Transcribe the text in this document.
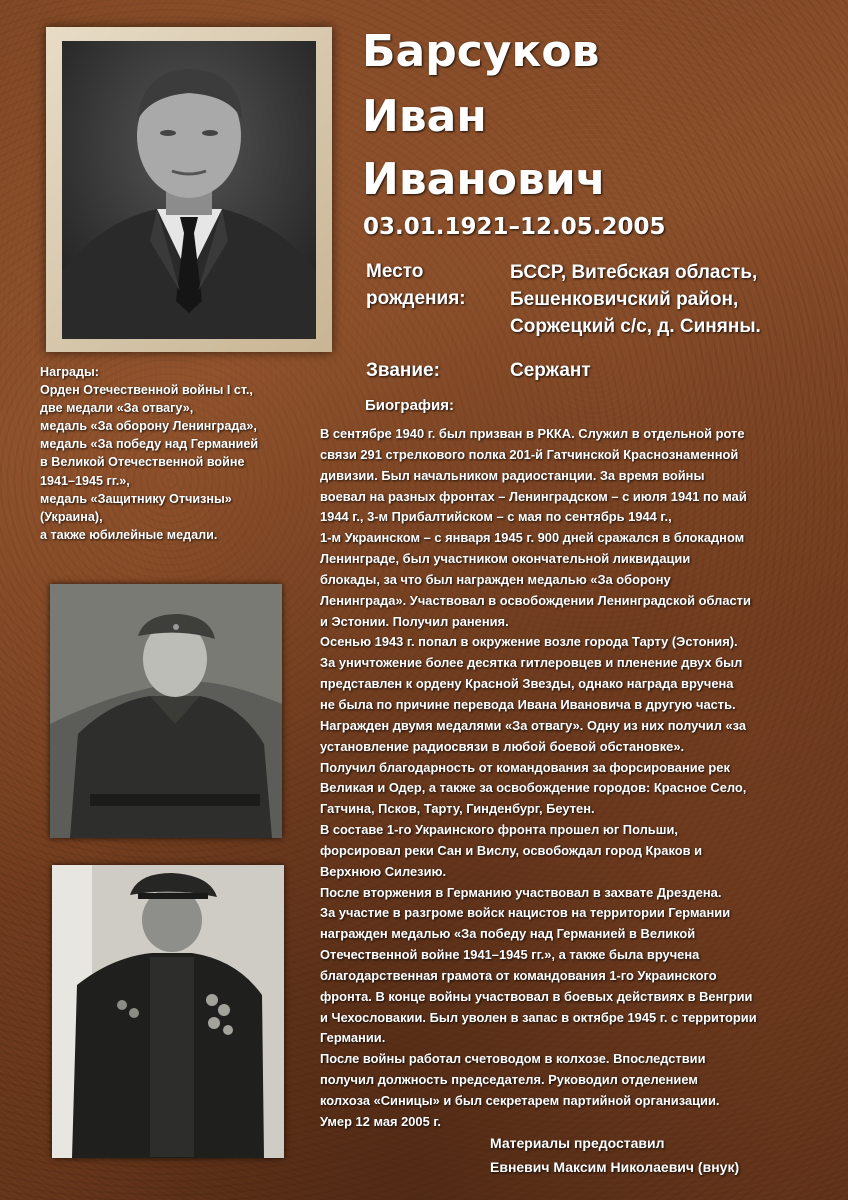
Барсуков
Иван
Иванович
03.01.1921–12.05.2005
Место
рождения:
БССР, Витебская область,
Бешенковичский район,
Соржецкий с/с, д. Синяны.
Звание:	Сержант
Награды:
Орден Отечественной войны I ст.,
две медали «За отвагу»,
медаль «За оборону Ленинграда»,
медаль «За победу над Германией
в Великой Отечественной войне
1941–1945 гг.»,
медаль «Защитнику Отчизны»
(Украина),
а также юбилейные медали.
Биография:
В сентябре 1940 г. был призван в РККА. Служил в отдельной роте
связи 291 стрелкового полка 201-й Гатчинской Краснознаменной
дивизии. Был начальником радиостанции. За время войны
воевал на разных фронтах – Ленинградском – с июля 1941 по май
1944 г., 3-м Прибалтийском – с мая по сентябрь 1944 г.,
1-м Украинском – с января 1945 г. 900 дней сражался в блокадном
Ленинграде, был участником окончательной ликвидации
блокады, за что был награжден медалью «За оборону
Ленинграда». Участвовал в освобождении Ленинградской области
и Эстонии. Получил ранения.
Осенью 1943 г. попал в окружение возле города Тарту (Эстония).
За уничтожение более десятка гитлеровцев и пленение двух был
представлен к ордену Красной Звезды, однако награда вручена
не была по причине перевода Ивана Ивановича в другую часть.
Награжден двумя медалями «За отвагу». Одну из них получил «за
установление радиосвязи в любой боевой обстановке».
Получил благодарность от командования за форсирование рек
Великая и Одер, а также за освобождение городов: Красное Село,
Гатчина, Псков, Тарту, Гинденбург, Беутен.
В составе 1-го Украинского фронта прошел юг Польши,
форсировал реки Сан и Вислу, освобождал город Краков и
Верхнюю Силезию.
После вторжения в Германию участвовал в захвате Дрездена.
За участие в разгроме войск нацистов на территории Германии
награжден медалью «За победу над Германией в Великой
Отечественной войне 1941–1945 гг.», а также была вручена
благодарственная грамота от командования 1-го Украинского
фронта. В конце войны участвовал в боевых действиях в Венгрии
и Чехословакии. Был уволен в запас в октябре 1945 г. с территории
Германии.
После войны работал счетоводом в колхозе. Впоследствии
получил должность председателя. Руководил отделением
колхоза «Синицы» и был секретарем партийной организации.
Умер 12 мая 2005 г.
Материалы предоставил
Евневич Максим Николаевич (внук)
